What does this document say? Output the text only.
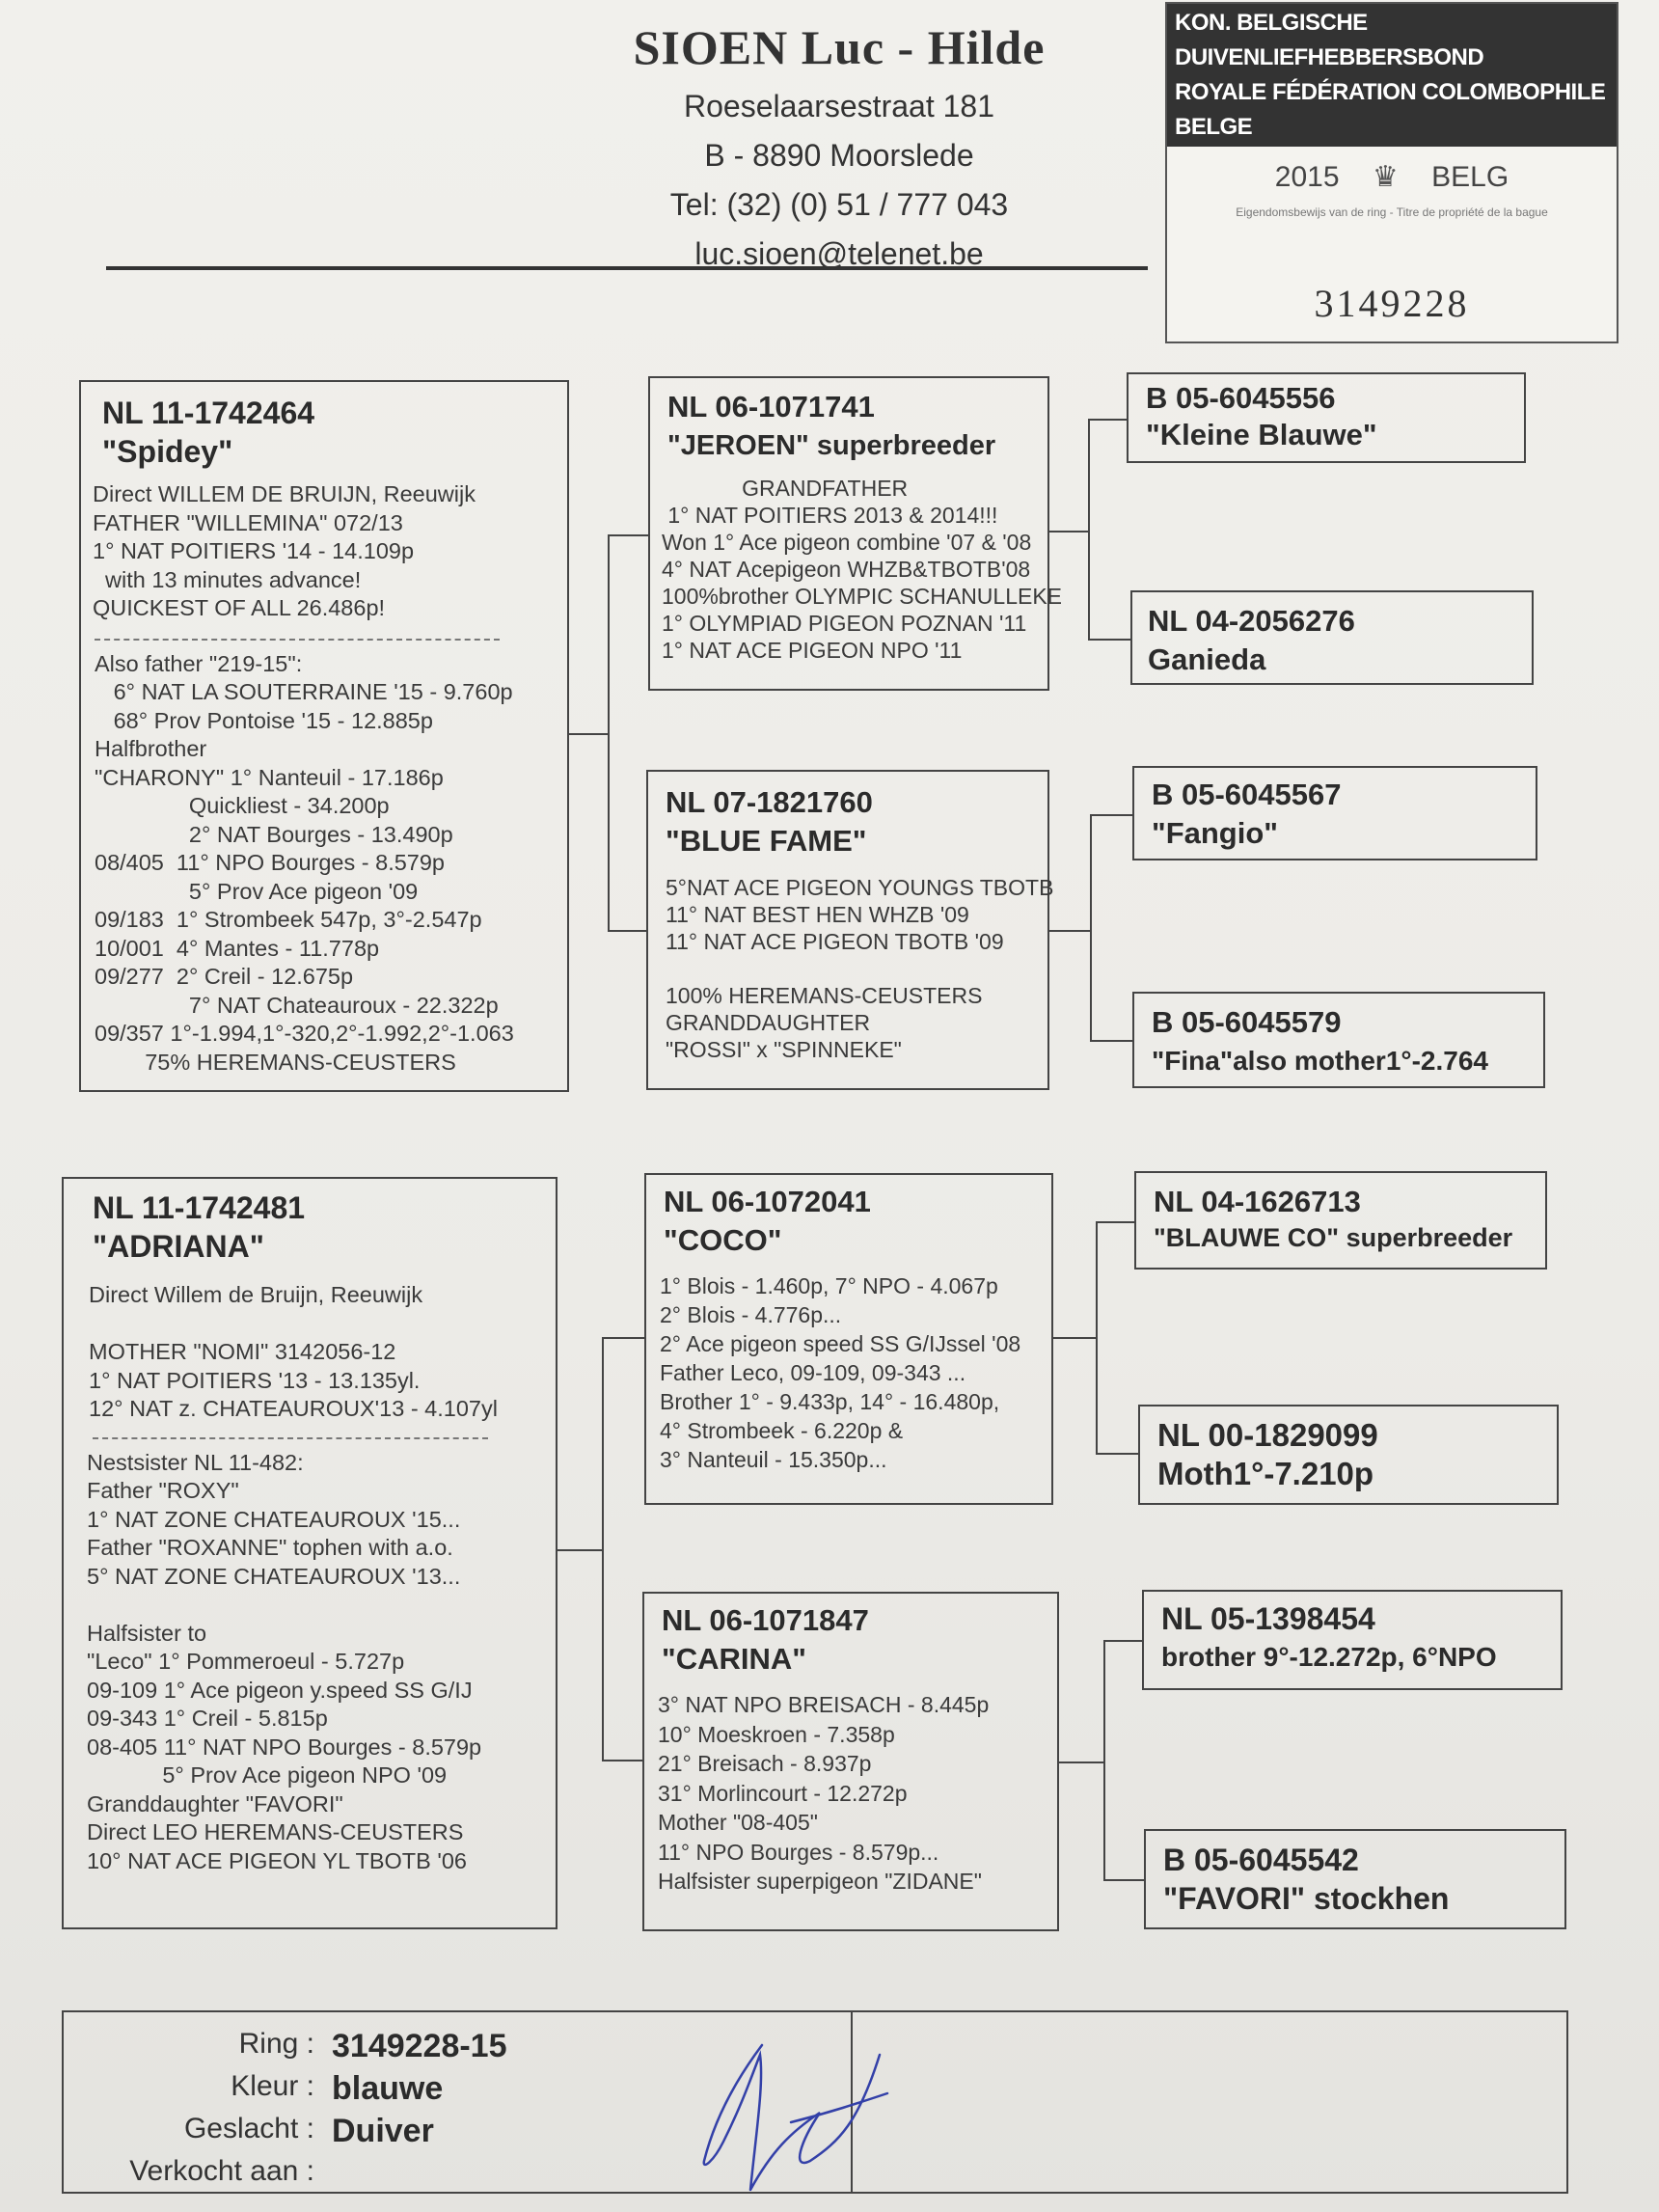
SIOEN Luc - Hilde
Roeselaarsestraat 181
B - 8890 Moorslede
Tel: (32) (0) 51 / 777 043
luc.sioen@telenet.be
KON. BELGISCHE DUIVENLIEFHEBBERSBOND
ROYALE FÉDÉRATION COLOMBOPHILE BELGE
2015 ♛ BELG
Eigendomsbewijs van de ring - Titre de propriété de la bague
3149228
NL 11-1742464
"Spidey"
Direct WILLEM DE BRUIJN, Reeuwijk
FATHER "WILLEMINA" 072/13
1° NAT POITIERS '14 - 14.109p
with 13 minutes advance!
QUICKEST OF ALL 26.486p!
Also father "219-15":
6° NAT LA SOUTERRAINE '15 - 9.760p
68° Prov Pontoise '15 - 12.885p
Halfbrother
"CHARONY" 1° Nanteuil - 17.186p
Quickliest - 34.200p
2° NAT Bourges - 13.490p
08/405  11° NPO Bourges - 8.579p
5° Prov Ace pigeon '09
09/183  1° Strombeek 547p, 3°-2.547p
10/001  4° Mantes - 11.778p
09/277  2° Creil - 12.675p
7° NAT Chateauroux - 22.322p
09/357 1°-1.994,1°-320,2°-1.992,2°-1.063
75% HEREMANS-CEUSTERS
NL 06-1071741
"JEROEN" superbreeder
GRANDFATHER
1° NAT POITIERS 2013 & 2014!!!
Won 1° Ace pigeon combine '07 & '08
4° NAT Acepigeon WHZB&TBOTB'08
100%brother OLYMPIC SCHANULLEKE
1° OLYMPIAD PIGEON POZNAN '11
1° NAT ACE PIGEON NPO '11
NL 07-1821760
"BLUE FAME"
5°NAT ACE PIGEON YOUNGS TBOTB
11° NAT BEST HEN WHZB '09
11° NAT ACE PIGEON TBOTB '09

100% HEREMANS-CEUSTERS
GRANDDAUGHTER
"ROSSI" x "SPINNEKE"
B 05-6045556
"Kleine Blauwe"
NL 04-2056276
Ganieda
B 05-6045567
"Fangio"
B 05-6045579
"Fina"also mother1°-2.764
NL 11-1742481
"ADRIANA"
Direct Willem de Bruijn, Reeuwijk

MOTHER "NOMI" 3142056-12
1° NAT POITIERS '13 - 13.135yl.
12° NAT z. CHATEAUROUX'13 - 4.107yl
Nestsister NL 11-482:
Father "ROXY"
1° NAT ZONE CHATEAUROUX '15...
Father "ROXANNE" tophen with a.o.
5° NAT ZONE CHATEAUROUX '13...

Halfsister to
"Leco" 1° Pommeroeul - 5.727p
09-109 1° Ace pigeon y.speed SS G/IJ
09-343 1° Creil - 5.815p
08-405 11° NAT NPO Bourges - 8.579p
5° Prov Ace pigeon NPO '09
Granddaughter "FAVORI"
Direct LEO HEREMANS-CEUSTERS
10° NAT ACE PIGEON YL TBOTB '06
NL 06-1072041
"COCO"
1° Blois - 1.460p, 7° NPO - 4.067p
2° Blois - 4.776p...
2° Ace pigeon speed SS G/IJssel '08
Father Leco, 09-109, 09-343 ...
Brother 1° - 9.433p, 14° - 16.480p,
4° Strombeek - 6.220p &
3° Nanteuil - 15.350p...
NL 06-1071847
"CARINA"
3° NAT NPO BREISACH - 8.445p
10° Moeskroen - 7.358p
21° Breisach - 8.937p
31° Morlincourt - 12.272p
Mother "08-405"
11° NPO Bourges - 8.579p...
Halfsister superpigeon "ZIDANE"
NL 04-1626713
"BLAUWE CO" superbreeder
NL 00-1829099
Moth1°-7.210p
NL 05-1398454
brother 9°-12.272p, 6°NPO
B 05-6045542
"FAVORI" stockhen
Ring : 3149228-15
Kleur : blauwe
Geslacht : Duiver
Verkocht aan :
